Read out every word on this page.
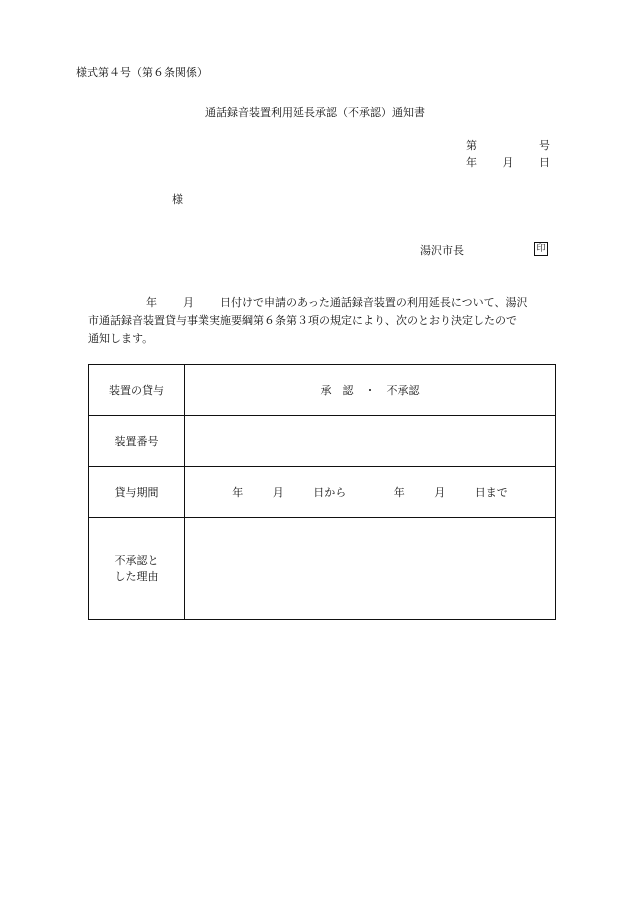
様式第４号（第６条関係）
通話録音装置利用延長承認（不承認）通知書
第	号
年 月 日
様
湯沢市長	印
年 月 日付けで申請のあった通話録音装置の利用延長について、湯沢
市通話録音装置貸与事業実施要綱第６条第３項の規定により、次のとおり決定したので
通知します。
装置の貸与	承　認　・　不承認
装置番号	
貸与期間	年 月 日から 年 月 日まで
不承認とした理由	
